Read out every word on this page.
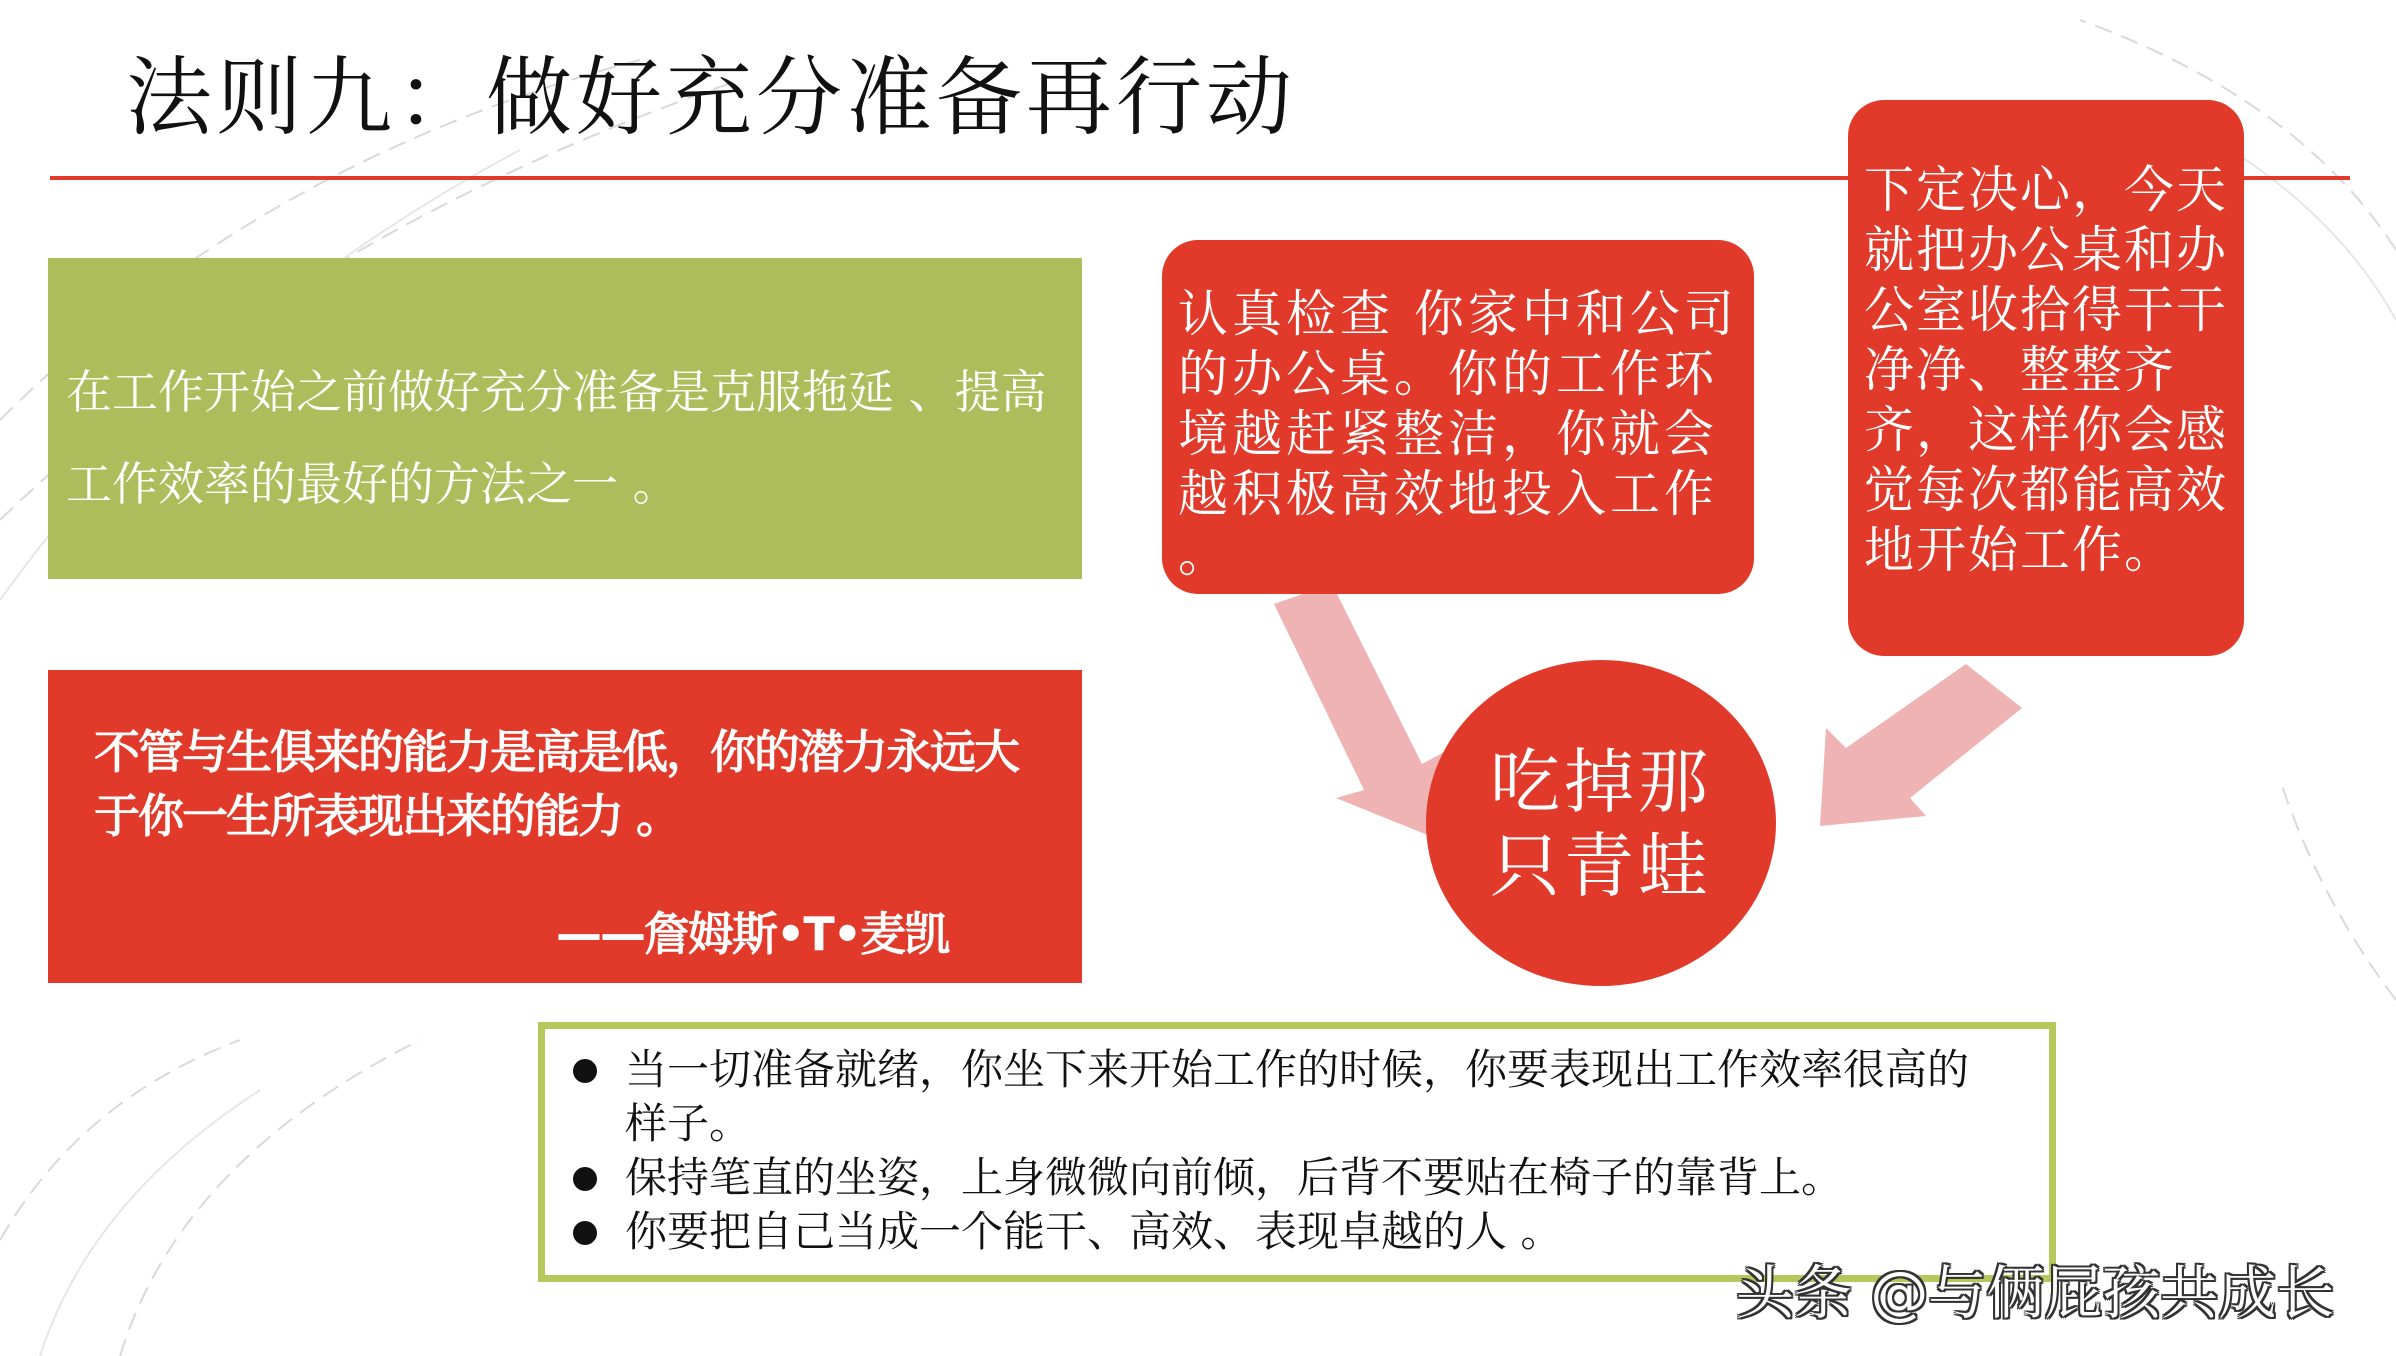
法则九：做好充分准备再行动
在工作开始之前做好充分准备是克服拖延 、提高工作效率的最好的方法之一 。
不管与生俱来的能力是高是低，你的潜力永远大于你一生所表现出来的能力 。
——詹姆斯•T•麦凯
认真检查 你家中和公司的办公桌。你的工作环境越赶紧整洁，你就会越积极高效地投入工作 。
下定决心，今天就把办公桌和办公室收拾得干干净净、整整齐齐，这样你会感觉每次都能高效地开始工作。
吃掉那
只青蛙
当一切准备就绪，你坐下来开始工作的时候，你要表现出工作效率很高的样子。
保持笔直的坐姿，上身微微向前倾，后背不要贴在椅子的靠背上。
你要把自己当成一个能干、高效、表现卓越的人 。
头条 @与俩屁孩共成长
